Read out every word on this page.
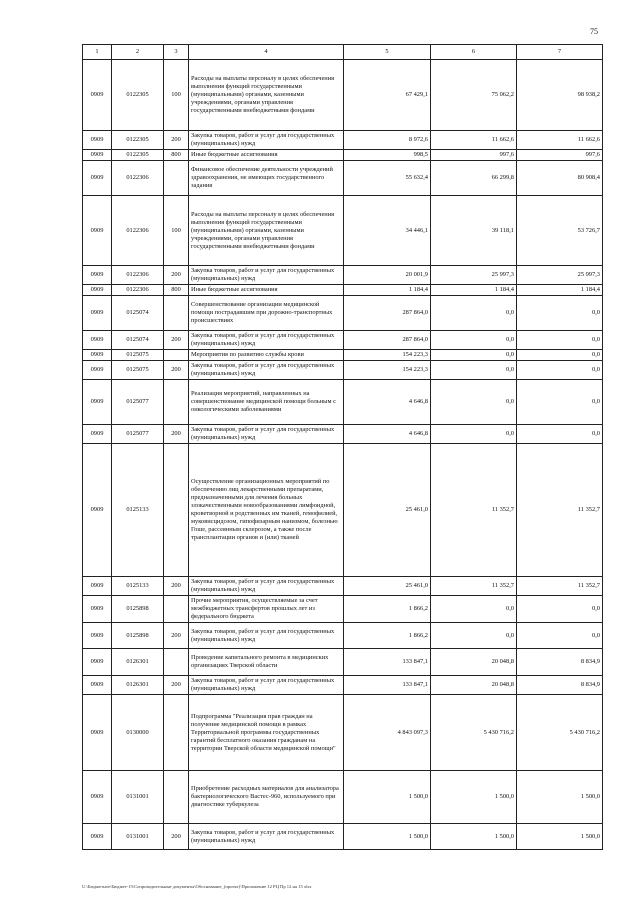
75
1	2	3	4	5	6	7
0909	0122305	100	Расходы на выплаты персоналу в целях обеспечения выполнения функций государственными (муниципальными) органами, казенными учреждениями, органами управления государственными внебюджетными фондами	67 429,1	75 062,2	98 938,2
0909	0122305	200	Закупка товаров, работ и услуг для государственных (муниципальных) нужд	8 972,6	11 662,6	11 662,6
0909	0122305	800	Иные бюджетные ассигнования	998,5	997,6	997,6
0909	0122306		Финансовое обеспечение деятельности учреждений здравоохранения, не имеющих государственного задания	55 632,4	66 299,8	80 908,4
0909	0122306	100	Расходы на выплаты персоналу в целях обеспечения выполнения функций государственными (муниципальными) органами, казенными учреждениями, органами управления государственными внебюджетными фондами	34 446,1	39 118,1	53 726,7
0909	0122306	200	Закупка товаров, работ и услуг для государственных (муниципальных) нужд	20 001,9	25 997,3	25 997,3
0909	0122306	800	Иные бюджетные ассигнования	1 184,4	1 184,4	1 184,4
0909	0125074		Совершенствование организации медицинской помощи пострадавшим при дорожно-транспортных происшествиях	287 864,0	0,0	0,0
0909	0125074	200	Закупка товаров, работ и услуг для государственных (муниципальных) нужд	287 864,0	0,0	0,0
0909	0125075		Мероприятия по развитию службы крови	154 223,3	0,0	0,0
0909	0125075	200	Закупка товаров, работ и услуг для государственных (муниципальных) нужд	154 223,3	0,0	0,0
0909	0125077		Реализация мероприятий, направленных на совершенствование медицинской помощи больным с онкологическими заболеваниями	4 646,8	0,0	0,0
0909	0125077	200	Закупка товаров, работ и услуг для государственных (муниципальных) нужд	4 646,8	0,0	0,0
0909	0125133		Осуществление организационных мероприятий по обеспечению лиц лекарственными препаратами, предназначенными для лечения больных злокачественными новообразованиями лимфоидной, кроветворной и родственных им тканей, гемофилией, муковисцидозом, гипофизарным нанизмом, болезнью Гоше, рассеянным склерозом, а также после трансплантации органов и (или) тканей	25 461,0	11 352,7	11 352,7
0909	0125133	200	Закупка товаров, работ и услуг для государственных (муниципальных) нужд	25 461,0	11 352,7	11 352,7
0909	0125898		Прочие мероприятия, осуществляемые за счет межбюджетных трансфертов прошлых лет из федерального бюджета	1 866,2	0,0	0,0
0909	0125898	200	Закупка товаров, работ и услуг для государственных (муниципальных) нужд	1 866,2	0,0	0,0
0909	0126301		Проведение капитального ремонта в медицинских организациях Тверской области	133 847,1	20 048,8	8 834,9
0909	0126301	200	Закупка товаров, работ и услуг для государственных (муниципальных) нужд	133 847,1	20 048,8	8 834,9
0909	0130000		Подпрограмма "Реализация прав граждан на получение медицинской помощи в рамках Территориальной программы государственных гарантий бесплатного оказания гражданам на территории Тверской области медицинской помощи"	4 843 097,3	5 430 716,2	5 430 716,2
0909	0131001		Приобретение расходных материалов для анализатора бактериологического Вастес-960, используемого при диагностике туберкулеза	1 500,0	1 500,0	1 500,0
0909	0131001	200	Закупка товаров, работ и услуг для государственных (муниципальных) нужд	1 500,0	1 500,0	1 500,0
U:\Бюджетное\Бюджет-15\Сопроводительные документы\Обоснование_(проект)\Приложение 12 РЦ Пр 12 на 15 xlsx
